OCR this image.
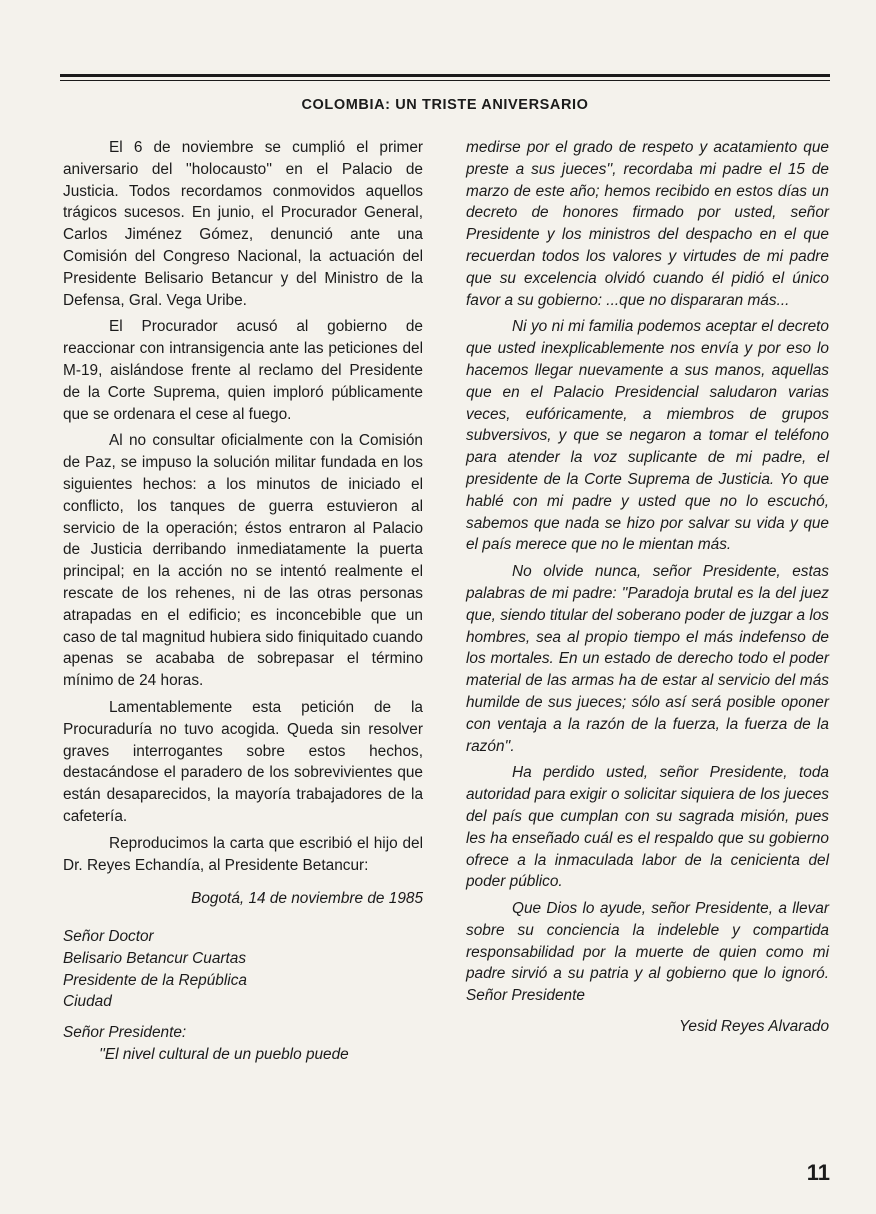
COLOMBIA: UN TRISTE ANIVERSARIO

El 6 de noviembre se cumplió el primer aniversario del ''holocausto'' en el Palacio de Justicia. Todos recordamos conmovidos aquellos trágicos sucesos. En junio, el Procurador General, Carlos Jiménez Gómez, denunció ante una Comisión del Congreso Nacional, la actuación del Presidente Belisario Betancur y del Ministro de la Defensa, Gral. Vega Uribe.

El Procurador acusó al gobierno de reaccionar con intransigencia ante las peticiones del M-19, aislándose frente al reclamo del Presidente de la Corte Suprema, quien imploró públicamente que se ordenara el cese al fuego.

Al no consultar oficialmente con la Comisión de Paz, se impuso la solución militar fundada en los siguientes hechos: a los minutos de iniciado el conflicto, los tanques de guerra estuvieron al servicio de la operación; éstos entraron al Palacio de Justicia derribando inmediatamente la puerta principal; en la acción no se intentó realmente el rescate de los rehenes, ni de las otras personas atrapadas en el edificio; es inconcebible que un caso de tal magnitud hubiera sido finiquitado cuando apenas se acababa de sobrepasar el término mínimo de 24 horas.

Lamentablemente esta petición de la Procuraduría no tuvo acogida. Queda sin resolver graves interrogantes sobre estos hechos, destacándose el paradero de los sobrevivientes que están desaparecidos, la mayoría trabajadores de la cafetería.

Reproducimos la carta que escribió el hijo del Dr. Reyes Echandía, al Presidente Betancur:

Bogotá, 14 de noviembre de 1985

Señor Doctor
Belisario Betancur Cuartas
Presidente de la República
Ciudad

Señor Presidente:

''El nivel cultural de un pueblo puede

medirse por el grado de respeto y acatamiento que preste a sus jueces'', recordaba mi padre el 15 de marzo de este año; hemos recibido en estos días un decreto de honores firmado por usted, señor Presidente y los ministros del despacho en el que recuerdan todos los valores y virtudes de mi padre que su excelencia olvidó cuando él pidió el único favor a su gobierno: ...que no dispararan más...

Ni yo ni mi familia podemos aceptar el decreto que usted inexplicablemente nos envía y por eso lo hacemos llegar nuevamente a sus manos, aquellas que en el Palacio Presidencial saludaron varias veces, eufóricamente, a miembros de grupos subversivos, y que se negaron a tomar el teléfono para atender la voz suplicante de mi padre, el presidente de la Corte Suprema de Justicia. Yo que hablé con mi padre y usted que no lo escuchó, sabemos que nada se hizo por salvar su vida y que el país merece que no le mientan más.

No olvide nunca, señor Presidente, estas palabras de mi padre: ''Paradoja brutal es la del juez que, siendo titular del soberano poder de juzgar a los hombres, sea al propio tiempo el más indefenso de los mortales. En un estado de derecho todo el poder material de las armas ha de estar al servicio del más humilde de sus jueces; sólo así será posible oponer con ventaja a la razón de la fuerza, la fuerza de la razón''.

Ha perdido usted, señor Presidente, toda autoridad para exigir o solicitar siquiera de los jueces del país que cumplan con su sagrada misión, pues les ha enseñado cuál es el respaldo que su gobierno ofrece a la inmaculada labor de la cenicienta del poder público.

Que Dios lo ayude, señor Presidente, a llevar sobre su conciencia la indeleble y compartida responsabilidad por la muerte de quien como mi padre sirvió a su patria y al gobierno que lo ignoró. Señor Presidente

Yesid Reyes Alvarado

11
